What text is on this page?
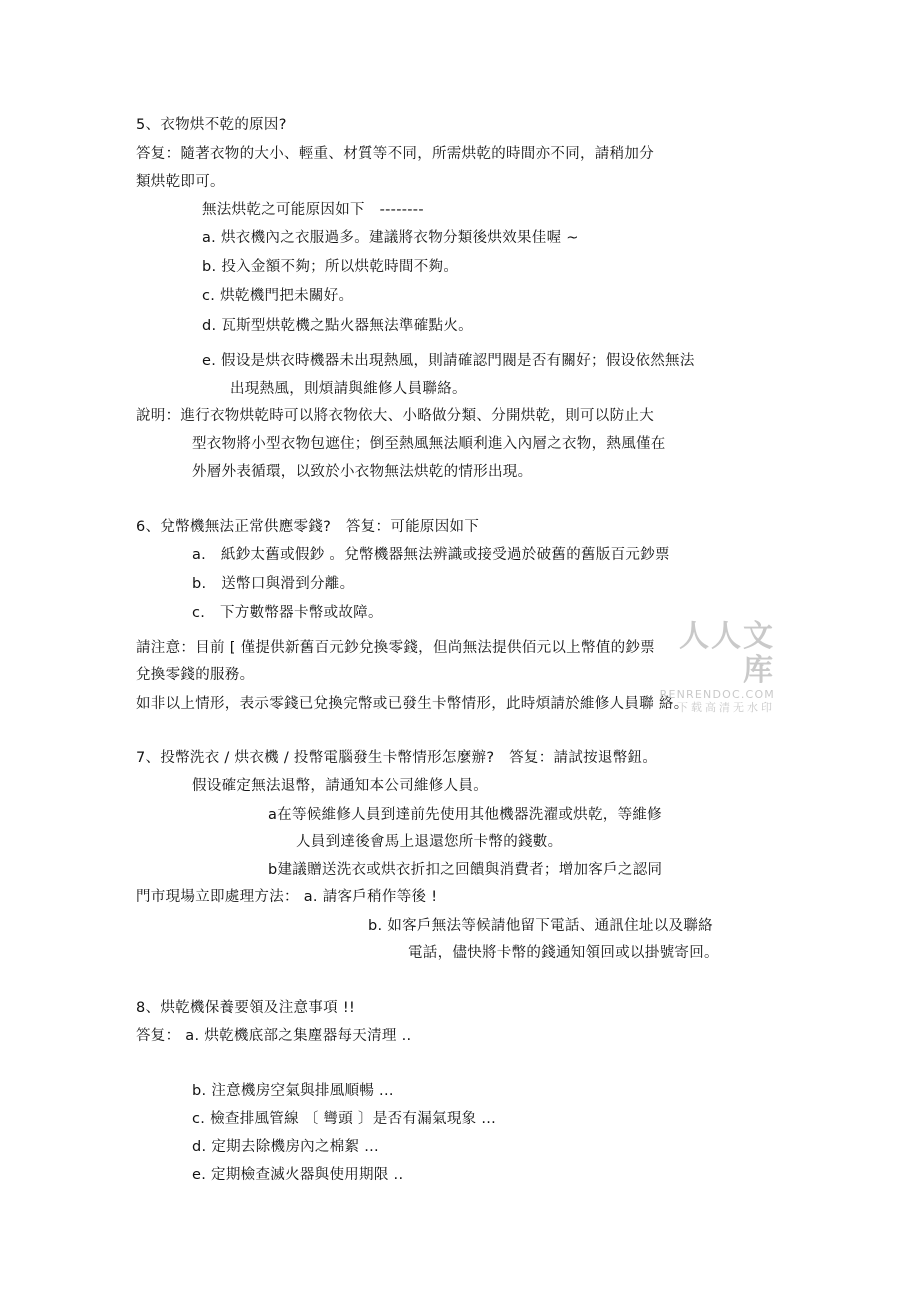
5、衣物烘不乾的原因?
答复：隨著衣物的大小、輕重、材質等不同，所需烘乾的時間亦不同，請稍加分
類烘乾即可。
無法烘乾之可能原因如下　--------
a. 烘衣機內之衣服過多。建議將衣物分類後烘效果佳喔 ~
b. 投入金額不夠；所以烘乾時間不夠。
c. 烘乾機門把未關好。
d. 瓦斯型烘乾機之點火器無法準確點火。
e. 假设是烘衣時機器未出現熱風，則請確認門閥是否有關好；假设依然無法
出現熱風，則煩請與維修人員聯絡。
說明：進行衣物烘乾時可以將衣物依大、小略做分類、分開烘乾，則可以防止大
型衣物將小型衣物包遮住；倒至熱風無法順利進入內層之衣物，熱風僅在
外層外表循環，以致於小衣物無法烘乾的情形出現。
6、兌幣機無法正常供應零錢?　答复：可能原因如下
a.　紙鈔太舊或假鈔 。兌幣機器無法辨識或接受過於破舊的舊版百元鈔票
b.　送幣口與滑到分離。
c.　下方數幣器卡幣或故障。
請注意：目前 [ 僅提供新舊百元鈔兌換零錢，但尚無法提供佰元以上幣值的鈔票
兌換零錢的服務。
如非以上情形，表示零錢已兌換完幣或已發生卡幣情形，此時煩請於維修人員聯 絡。
7、投幣洗衣 / 烘衣機 / 投幣電腦發生卡幣情形怎麼辦?　答复：請試按退幣鈕。
假设確定無法退幣，請通知本公司維修人員。
a在等候維修人員到達前先使用其他機器洗濯或烘乾，等維修
人員到達後會馬上退還您所卡幣的錢數。
b建議贈送洗衣或烘衣折扣之回饋與消費者；增加客戶之認同
門市現場立即處理方法： a. 請客戶稍作等後 !
b. 如客戶無法等候請他留下電話、通訊住址以及聯絡
電話，儘快將卡幣的錢通知領回或以掛號寄回。
8、烘乾機保養要領及注意事項 !!
答复： a. 烘乾機底部之集塵器每天清理 ..
b. 注意機房空氣與排風順暢 ...
c. 檢查排風管線 〔 彎頭 〕是否有漏氣現象 ...
d. 定期去除機房內之棉絮 ...
e. 定期檢查滅火器與使用期限 ..
人人文库
RENRENDOC.COM
下载高清无水印
